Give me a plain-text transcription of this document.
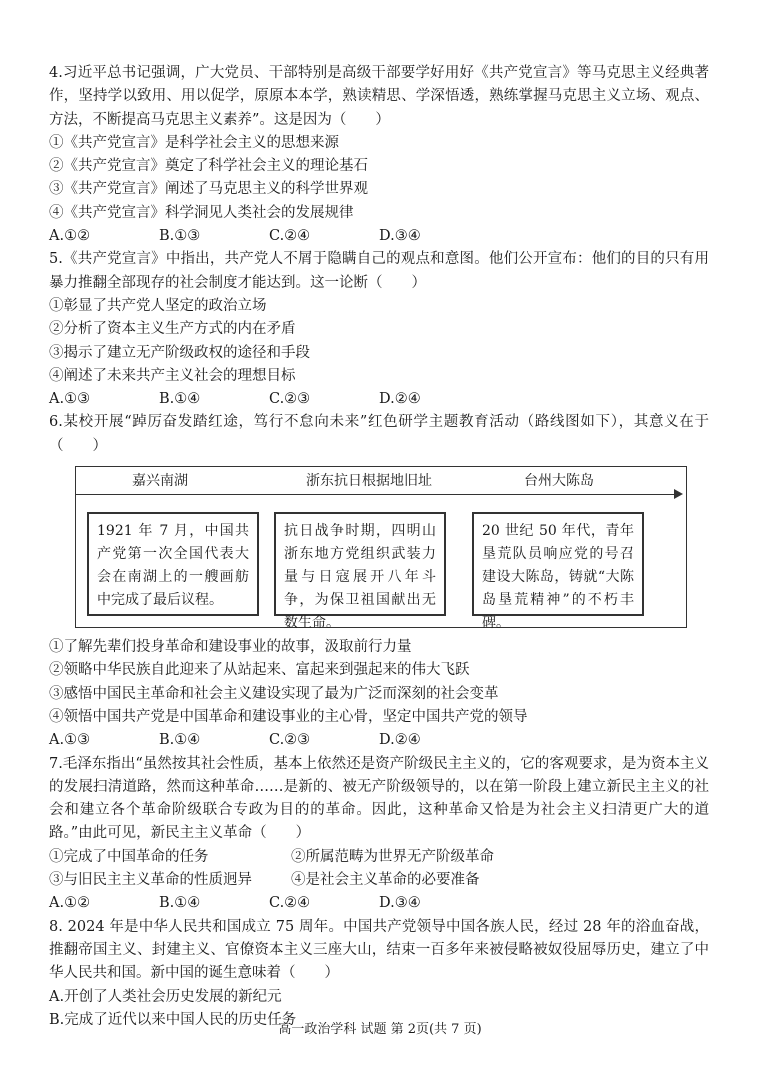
4.习近平总书记强调，广大党员、干部特别是高级干部要学好用好《共产党宣言》等马克思主义经典著作，坚持学以致用、用以促学，原原本本学，熟读精思、学深悟透，熟练掌握马克思主义立场、观点、方法，不断提高马克思主义素养”。这是因为（　　）

①《共产党宣言》是科学社会主义的思想来源

②《共产党宣言》奠定了科学社会主义的理论基石

③《共产党宣言》阐述了马克思主义的科学世界观

④《共产党宣言》科学洞见人类社会的发展规律

A.①②	B.①③	C.②④	D.③④

5.《共产党宣言》中指出，共产党人不屑于隐瞒自己的观点和意图。他们公开宣布：他们的目的只有用暴力推翻全部现存的社会制度才能达到。这一论断（　　）

①彰显了共产党人坚定的政治立场

②分析了资本主义生产方式的内在矛盾

③揭示了建立无产阶级政权的途径和手段

④阐述了未来共产主义社会的理想目标

A.①③	B.①④	C.②③	D.②④

6.某校开展“踔厉奋发踏红途，笃行不怠向未来”红色研学主题教育活动（路线图如下），其意义在于（　　）

嘉兴南湖	浙东抗日根据地旧址	台州大陈岛
1921 年 7 月，中国共产党第一次全国代表大会在南湖上的一艘画舫中完成了最后议程。
抗日战争时期，四明山浙东地方党组织武装力量与日寇展开八年斗争，为保卫祖国献出无数生命。
20 世纪 50 年代，青年垦荒队员响应党的号召建设大陈岛，铸就“大陈岛垦荒精神”的不朽丰碑。

①了解先辈们投身革命和建设事业的故事，汲取前行力量

②领略中华民族自此迎来了从站起来、富起来到强起来的伟大飞跃

③感悟中国民主革命和社会主义建设实现了最为广泛而深刻的社会变革

④领悟中国共产党是中国革命和建设事业的主心骨，坚定中国共产党的领导

A.①③	B.①④	C.②③	D.②④

7.毛泽东指出“虽然按其社会性质，基本上依然还是资产阶级民主主义的，它的客观要求，是为资本主义的发展扫清道路，然而这种革命……是新的、被无产阶级领导的，以在第一阶段上建立新民主主义的社会和建立各个革命阶级联合专政为目的的革命。因此，这种革命又恰是为社会主义扫清更广大的道路。”由此可见，新民主主义革命（　　）

①完成了中国革命的任务	②所属范畴为世界无产阶级革命
③与旧民主主义革命的性质迥异	④是社会主义革命的必要准备
A.①②	B.①④	C.②④	D.③④

8. 2024 年是中华人民共和国成立 75 周年。中国共产党领导中国各族人民，经过 28 年的浴血奋战，推翻帝国主义、封建主义、官僚资本主义三座大山，结束一百多年来被侵略被奴役屈辱历史，建立了中华人民共和国。新中国的诞生意味着（　　）

A.开创了人类社会历史发展的新纪元

B.完成了近代以来中国人民的历史任务

高一政治学科 试题 第 2页(共 7 页)
